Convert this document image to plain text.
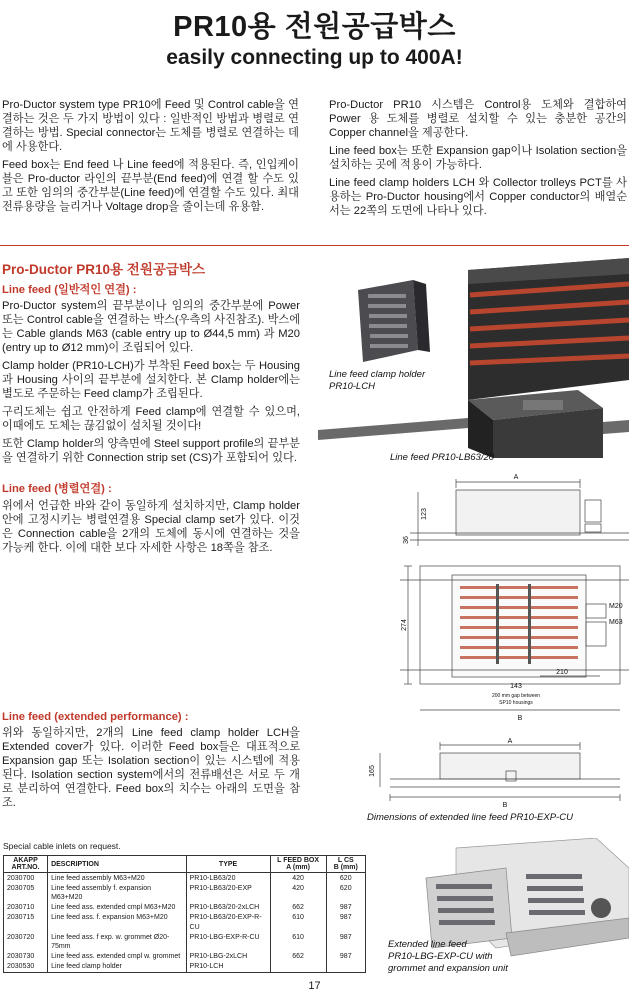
PR10용 전원공급박스
easily connecting up to 400A!

Pro-Ductor system type PR10에 Feed 및 Control cable을 연결하는 것은 두 가지 방법이 있다 : 일반적인 방법과 병렬로 연결하는 방법. Special connector는 도체를 병렬로 연결하는 데에 사용한다.

Feed box는 End feed 나 Line feed에 적용된다. 즉, 인입케이블은 Pro-ductor 라인의 끝부분(End feed)에 연결 할 수도 있고 또한 임의의 중간부분(Line feed)에 연결할 수도 있다. 최대 전류용량을 늘리거나 Voltage drop을 줄이는데 유용함.

Pro-Ductor PR10 시스템은 Control용 도체와 결합하여 Power 용 도체를 병렬로 설치할 수 있는 충분한 공간의 Copper channel을 제공한다.

Line feed box는 또한 Expansion gap이나 Isolation section을 설치하는 곳에 적용이 가능하다.

Line feed clamp holders LCH 와 Collector trolleys PCT를 사용하는 Pro-Ductor housing에서 Copper conductor의 배열순서는 22쪽의 도면에 나타나 있다.

Pro-Ductor PR10용 전원공급박스
Line feed (일반적인 연결) :

Pro-Ductor system의 끝부분이나 임의의 중간부분에 Power 또는 Control cable을 연결하는 박스(우측의 사진참조). 박스에는 Cable glands M63 (cable entry up to Ø44,5 mm) 과 M20 (entry up to Ø12 mm)이 조립되어 있다.

Clamp holder (PR10-LCH)가 부착된 Feed box는 두 Housing 과 Housing 사이의 끝부분에 설치한다. 본 Clamp holder에는 별도로 주문하는 Feed clamp가 조립된다.

구리도체는 쉽고 안전하게 Feed clamp에 연결할 수 있으며, 이때에도 도체는 끊김없이 설치될 것이다!

또한 Clamp holder의 양측면에 Steel support profile의 끝부분을 연결하기 위한 Connection strip set (CS)가 포함되어 있다.

Line feed (병렬연결) :

위에서 언급한 바와 같이 동일하게 설치하지만, Clamp holder 안에 고정시키는 병렬연결용 Special clamp set가 있다. 이것은 Connection cable을 2개의 도체에 동시에 연결하는 것을 가능케 한다. 이에 대한 보다 자세한 사항은 18쪽을 참조.

Line feed (extended performance) :

위와 동일하지만, 2개의 Line feed clamp holder LCH을 Extended cover가 있다. 이러한 Feed box들은 대표적으로 Expansion gap 또는 Isolation section이 있는 시스템에 적용된다. Isolation section system에서의 전류배선은 서로 두 개로 분리하여 연결한다. Feed box의 치수는 아래의 도면을 참조.

Line feed clamp holder
PR10-LCH
Line feed PR10-LB63/20
A
123
36
274
M20
M63
210
143
B
200 mm gap between
SP10 housings
A
165
B
Dimensions of extended line feed PR10-EXP-CU
Extended line feed
PR10-LBG-EXP-CU with
grommet and expansion unit
Special cable inlets on request.
AKAPP
ART.NO.	DESCRIPTION	TYPE	L FEED BOX
A (mm)	L CS
B (mm)
2030700	Line feed assembly M63+M20	PR10-LB63/20	420	620
2030705	Line feed assembly f. expansion M63+M20	PR10-LB63/20-EXP	420	620
2030710	Line feed ass. extended cmpl M63+M20	PR10-LB63/20-2xLCH	662	987
2030715	Line feed ass. f. expansion M63+M20	PR10-LB63/20-EXP-R-CU	610	987
2030720	Line feed ass. f exp. w. grommet Ø20-75mm	PR10-LBG-EXP-R-CU	610	987
2030730	Line feed ass. extended cmpl w. grommet	PR10-LBG-2xLCH	662	987
2030530	Line feed clamp holder	PR10-LCH		
17
